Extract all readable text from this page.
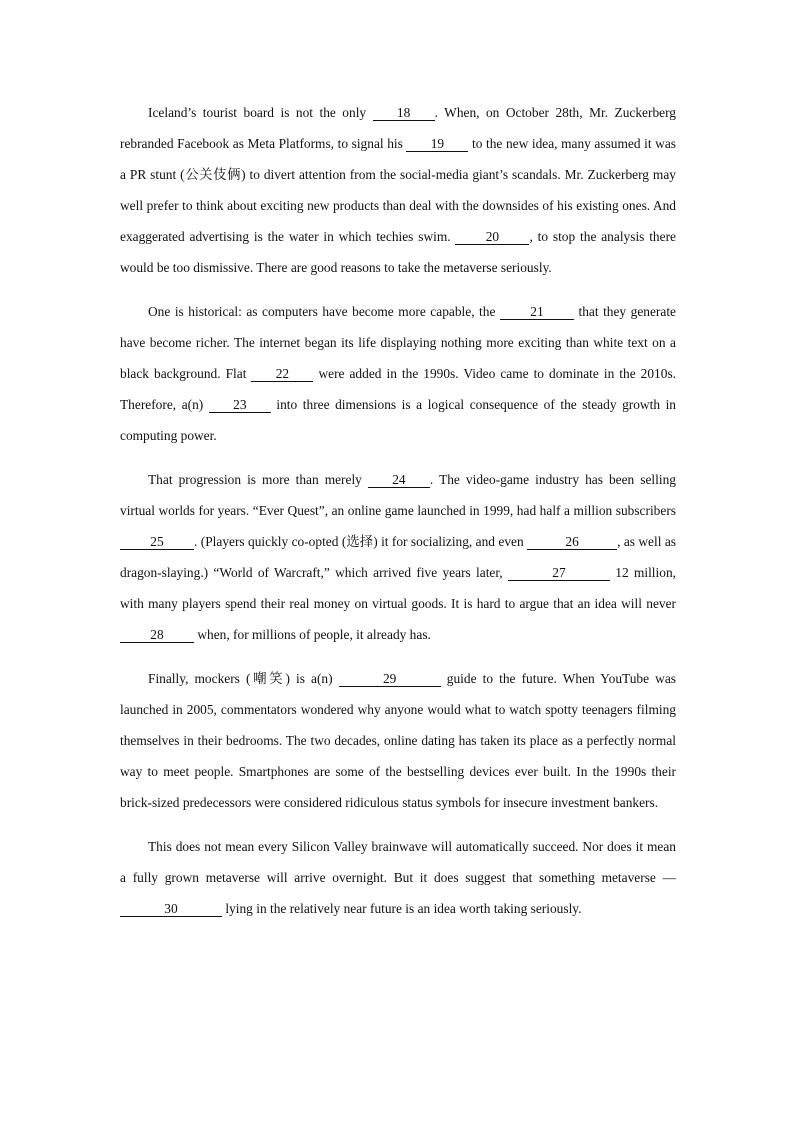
Iceland’s tourist board is not the only 18 . When, on October 28th, Mr. Zuckerberg rebranded Facebook as Meta Platforms, to signal his 19 to the new idea, many assumed it was a PR stunt (公关伎俩) to divert attention from the social-media giant’s scandals. Mr. Zuckerberg may well prefer to think about exciting new products than deal with the downsides of his existing ones. And exaggerated advertising is the water in which techies swim. 20 , to stop the analysis there would be too dismissive. There are good reasons to take the metaverse seriously.

One is historical: as computers have become more capable, the 21 that they generate have become richer. The internet began its life displaying nothing more exciting than white text on a black background. Flat 22 were added in the 1990s. Video came to dominate in the 2010s. Therefore, a(n) 23 into three dimensions is a logical consequence of the steady growth in computing power.

That progression is more than merely 24 . The video-game industry has been selling virtual worlds for years. “Ever Quest”, an online game launched in 1999, had half a million subscribers 25 . (Players quickly co-opted (选择) it for socializing, and even	26	, as well as dragon-slaying.) “World of Warcraft,” which arrived five years later,	27	12 million, with many players spend their real money on virtual goods. It is hard to argue that an idea will never 28 when, for millions of people, it already has.

Finally, mockers (嘲笑) is a(n)	29	guide to the future. When YouTube was launched in 2005, commentators wondered why anyone would what to watch spotty teenagers filming themselves in their bedrooms. The two decades, online dating has taken its place as a perfectly normal way to meet people. Smartphones are some of the bestselling devices ever built. In the 1990s their brick-sized predecessors were considered ridiculous status symbols for insecure investment bankers.

This does not mean every Silicon Valley brainwave will automatically succeed. Nor does it mean a fully grown metaverse will arrive overnight. But it does suggest that something metaverse — 30	lying in the relatively near future is an idea worth taking seriously.
